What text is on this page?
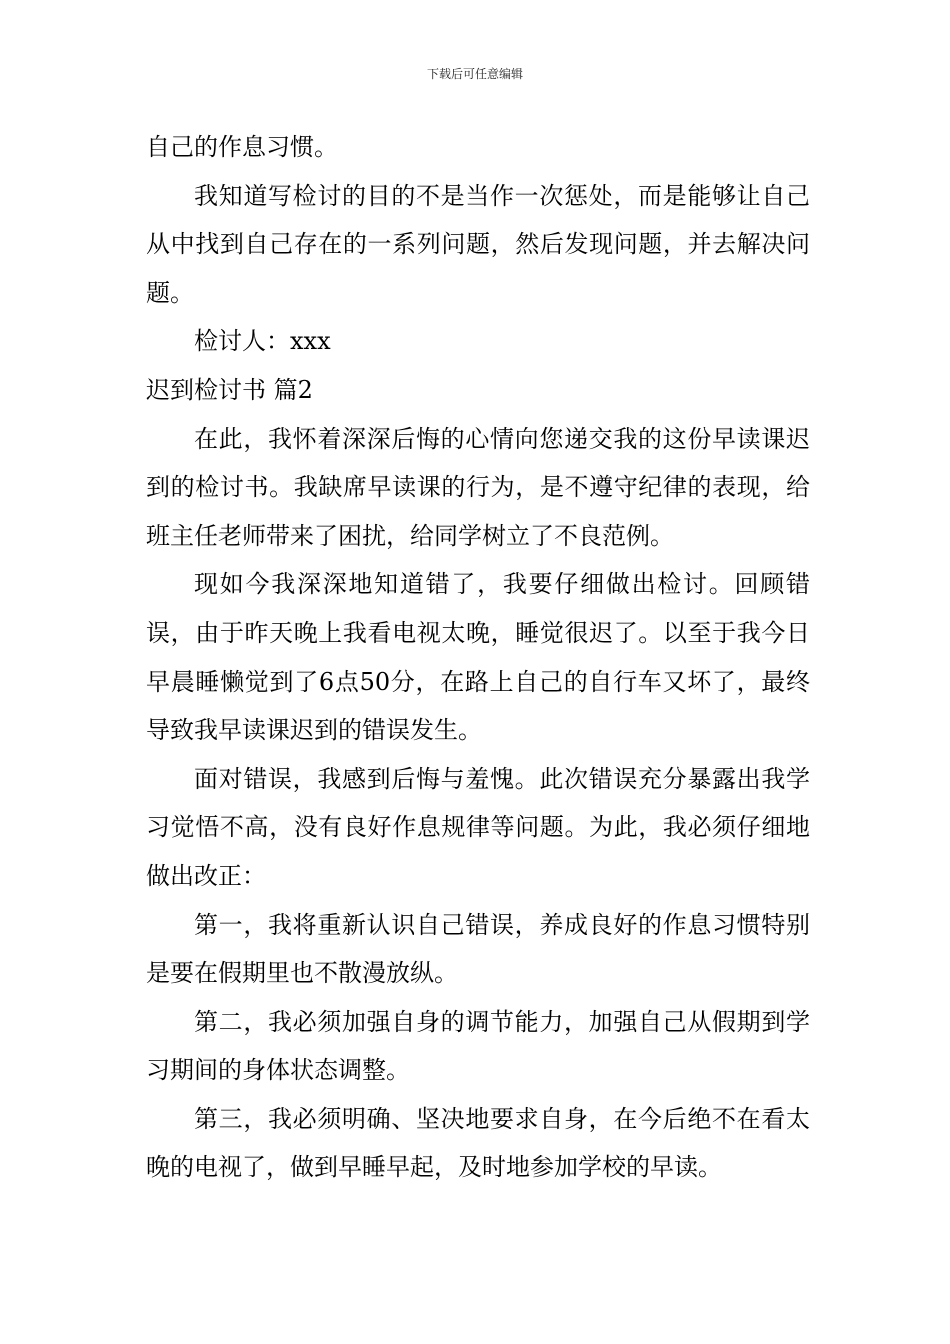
下载后可任意编辑

自己的作息习惯。

我知道写检讨的目的不是当作一次惩处，而是能够让自己从中找到自己存在的一系列问题，然后发现问题，并去解决问题。

检讨人：xxx

迟到检讨书 篇2

在此，我怀着深深后悔的心情向您递交我的这份早读课迟到的检讨书。我缺席早读课的行为，是不遵守纪律的表现，给班主任老师带来了困扰，给同学树立了不良范例。

现如今我深深地知道错了，我要仔细做出检讨。回顾错误，由于昨天晚上我看电视太晚，睡觉很迟了。以至于我今日早晨睡懒觉到了6点50分，在路上自己的自行车又坏了，最终导致我早读课迟到的错误发生。

面对错误，我感到后悔与羞愧。此次错误充分暴露出我学习觉悟不高，没有良好作息规律等问题。为此，我必须仔细地做出改正：

第一，我将重新认识自己错误，养成良好的作息习惯特别是要在假期里也不散漫放纵。

第二，我必须加强自身的调节能力，加强自己从假期到学习期间的身体状态调整。

第三，我必须明确、坚决地要求自身，在今后绝不在看太晚的电视了，做到早睡早起，及时地参加学校的早读。
